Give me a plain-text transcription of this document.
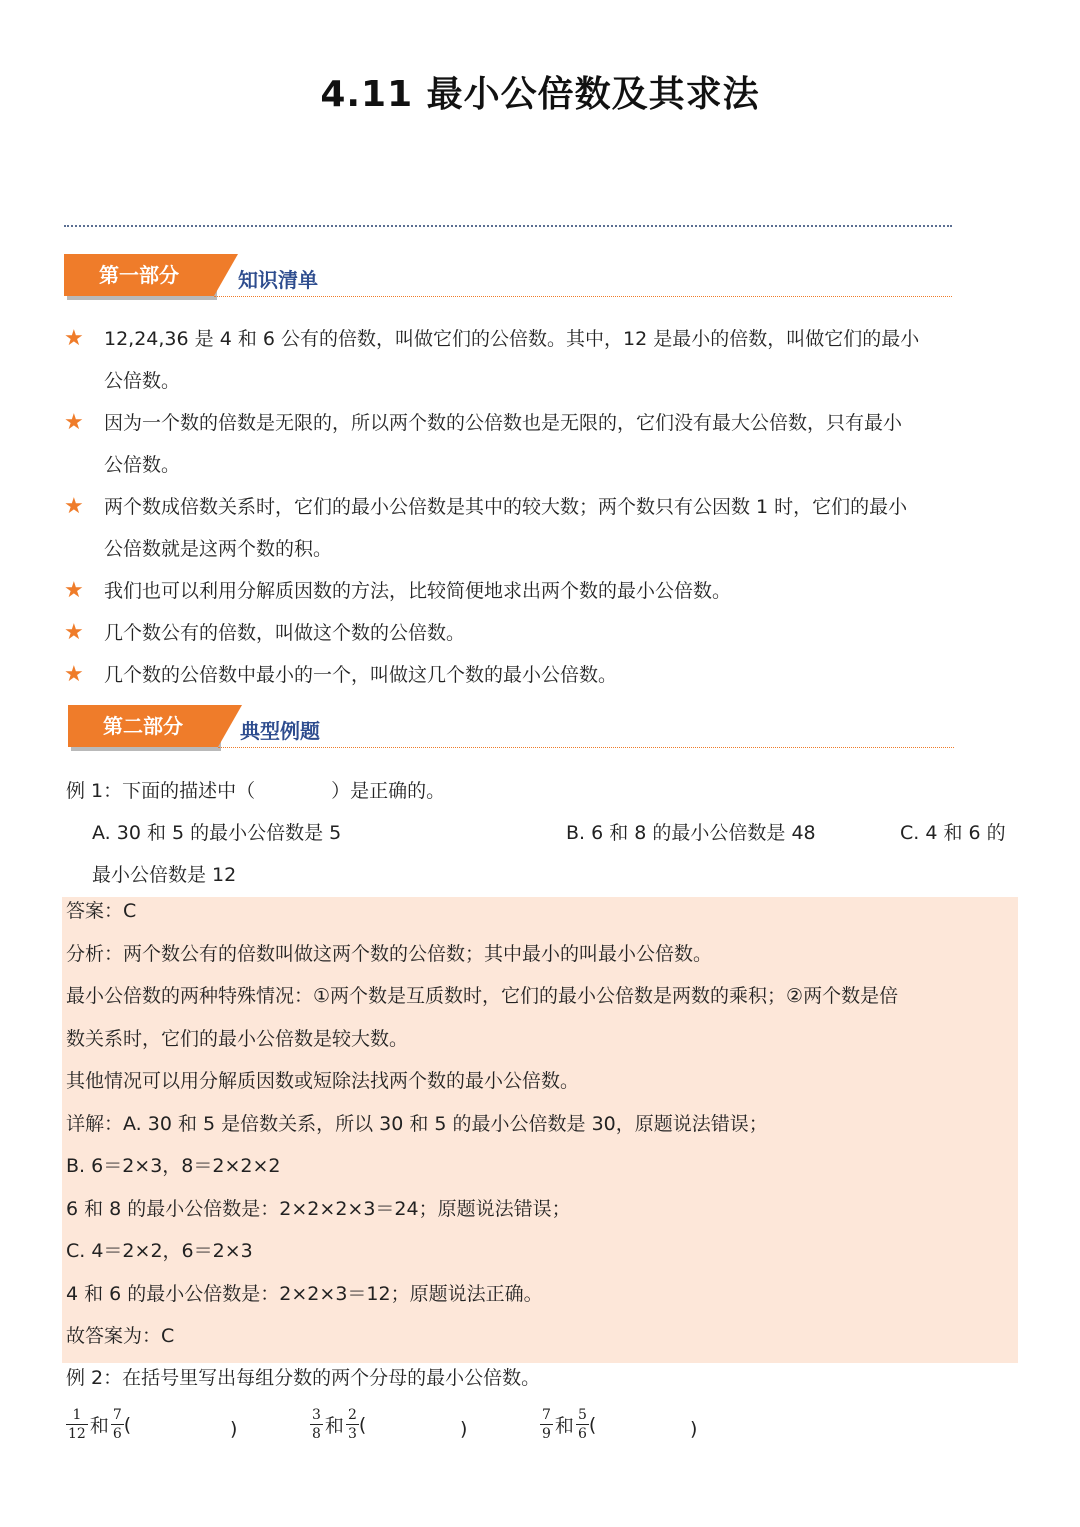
4.11 最小公倍数及其求法
第一部分	知识清单
★ 12,24,36 是 4 和 6 公有的倍数，叫做它们的公倍数。其中，12 是最小的倍数，叫做它们的最小
公倍数。
★ 因为一个数的倍数是无限的，所以两个数的公倍数也是无限的，它们没有最大公倍数，只有最小
公倍数。
★ 两个数成倍数关系时，它们的最小公倍数是其中的较大数；两个数只有公因数 1 时，它们的最小
公倍数就是这两个数的积。
★ 我们也可以利用分解质因数的方法，比较简便地求出两个数的最小公倍数。
★ 几个数公有的倍数，叫做这个数的公倍数。
★ 几个数的公倍数中最小的一个，叫做这几个数的最小公倍数。
第二部分	典型例题
例 1：下面的描述中（　　　　）是正确的。
A. 30 和 5 的最小公倍数是 5	B. 6 和 8 的最小公倍数是 48	C. 4 和 6 的
最小公倍数是 12
答案：C
分析：两个数公有的倍数叫做这两个数的公倍数；其中最小的叫最小公倍数。
最小公倍数的两种特殊情况：①两个数是互质数时，它们的最小公倍数是两数的乘积；②两个数是倍
数关系时，它们的最小公倍数是较大数。
其他情况可以用分解质因数或短除法找两个数的最小公倍数。
详解：A. 30 和 5 是倍数关系，所以 30 和 5 的最小公倍数是 30，原题说法错误；
B. 6＝2×3，8＝2×2×2
6 和 8 的最小公倍数是：2×2×2×3＝24；原题说法错误；
C. 4＝2×2，6＝2×3
4 和 6 的最小公倍数是：2×2×3＝12；原题说法正确。
故答案为：C
例 2：在括号里写出每组分数的两个分母的最小公倍数。
$\frac{1}{12}$ 和 $\frac{7}{6}$ (	)	$\frac{3}{8}$ 和 $\frac{2}{3}$ (	)	$\frac{7}{9}$ 和 $\frac{5}{6}$ (	)
